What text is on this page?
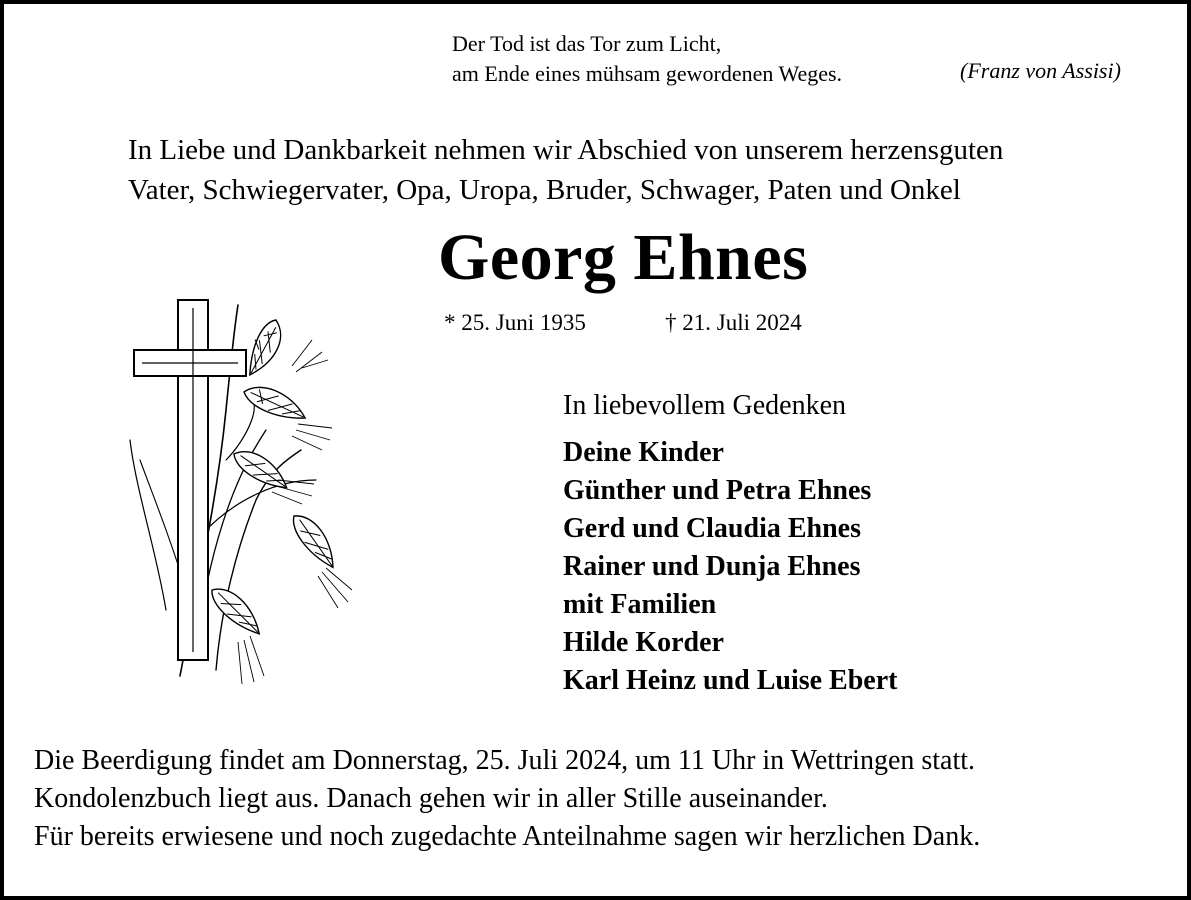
Der Tod ist das Tor zum Licht,
am Ende eines mühsam gewordenen Weges.	(Franz von Assisi)
In Liebe und Dankbarkeit nehmen wir Abschied von unserem herzensguten
Vater, Schwiegervater, Opa, Uropa, Bruder, Schwager, Paten und Onkel
Georg Ehnes
* 25. Juni 1935	† 21. Juli 2024
In liebevollem Gedenken
Deine Kinder
Günther und Petra Ehnes
Gerd und Claudia Ehnes
Rainer und Dunja Ehnes
mit Familien
Hilde Korder
Karl Heinz und Luise Ebert
Die Beerdigung findet am Donnerstag, 25. Juli 2024, um 11 Uhr in Wettringen statt.
Kondolenzbuch liegt aus. Danach gehen wir in aller Stille auseinander.
Für bereits erwiesene und noch zugedachte Anteilnahme sagen wir herzlichen Dank.
